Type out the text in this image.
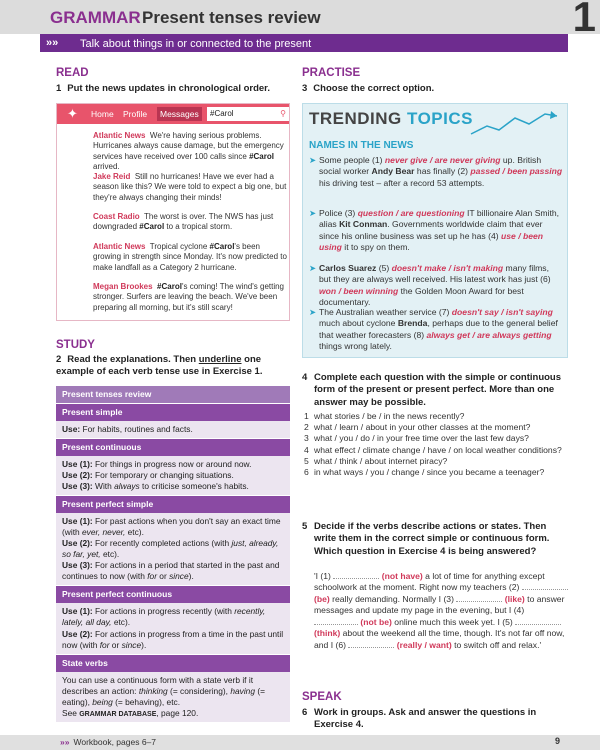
GRAMMAR Present tenses review	1
»» Talk about things in or connected to the present
READ
1 Put the news updates in chronological order.
✦ Home Profile	Messages	#Carol	⚲
Atlantic News We're having serious problems. Hurricanes always cause damage, but the emergency services have received over 100 calls since #Carol arrived.
Jake Reid Still no hurricanes! Have we ever had a season like this? We were told to expect a big one, but they're always changing their minds!
Coast Radio The worst is over. The NWS has just downgraded #Carol to a tropical storm.
Atlantic News Tropical cyclone #Carol's been growing in strength since Monday. It's now predicted to make landfall as a Category 2 hurricane.
Megan Brookes #Carol's coming! The wind's getting stronger. Surfers are leaving the beach. We've been preparing all morning, but it's still scary!
STUDY
2 Read the explanations. Then underline one example of each verb tense use in Exercise 1.
Present tenses review
Present simple
Use: For habits, routines and facts.
Present continuous
Use (1): For things in progress now or around now.
Use (2): For temporary or changing situations.
Use (3): With always to criticise someone's habits.
Present perfect simple
Use (1): For past actions when you don't say an exact time (with ever, never, etc).
Use (2): For recently completed actions (with just, already, so far, yet, etc).
Use (3): For actions in a period that started in the past and continues to now (with for or since).
Present perfect continuous
Use (1): For actions in progress recently (with recently, lately, all day, etc).
Use (2): For actions in progress from a time in the past until now (with for or since).
State verbs
You can use a continuous form with a state verb if it describes an action: thinking (= considering), having (= eating), being (= behaving), etc.
See GRAMMAR DATABASE, page 120.
PRACTISE
3 Choose the correct option.
TRENDING TOPICS
NAMES IN THE NEWS
➤ Some people (1) never give / are never giving up. British social worker Andy Bear has finally (2) passed / been passing his driving test – after a record 53 attempts.
➤ Police (3) question / are questioning IT billionaire Alan Smith, alias Kit Conman. Governments worldwide claim that ever since his online business was set up he has (4) use / been using it to spy on them.
➤ Carlos Suarez (5) doesn't make / isn't making many films, but they are always well received. His latest work has just (6) won / been winning the Golden Moon Award for best documentary.
➤ The Australian weather service (7) doesn't say / isn't saying much about cyclone Brenda, perhaps due to the general belief that weather forecasters (8) always get / are always getting things wrong lately.
4 Complete each question with the simple or continuous form of the present or present perfect. More than one answer may be possible.
1 what stories / be / in the news recently?
2 what / learn / about in your other classes at the moment?
3 what / you / do / in your free time over the last few days?
4 what effect / climate change / have / on local weather conditions?
5 what / think / about internet piracy?
6 in what ways / you / change / since you became a teenager?
5 Decide if the verbs describe actions or states. Then write them in the correct simple or continuous form. Which question in Exercise 4 is being answered?
'I (1)	(not have) a lot of time for anything except schoolwork at the moment. Right now my teachers (2)  (be) really demanding. Normally I (3)	(like) to answer messages and update my page in the evening, but I (4)  (not be) online much this week yet. I (5)  (think) about the weekend all the time, though. It's not far off now, and I (6)	(really / want) to switch off and relax.'
SPEAK
6 Work in groups. Ask and answer the questions in Exercise 4.
»» Workbook, pages 6–7	9
